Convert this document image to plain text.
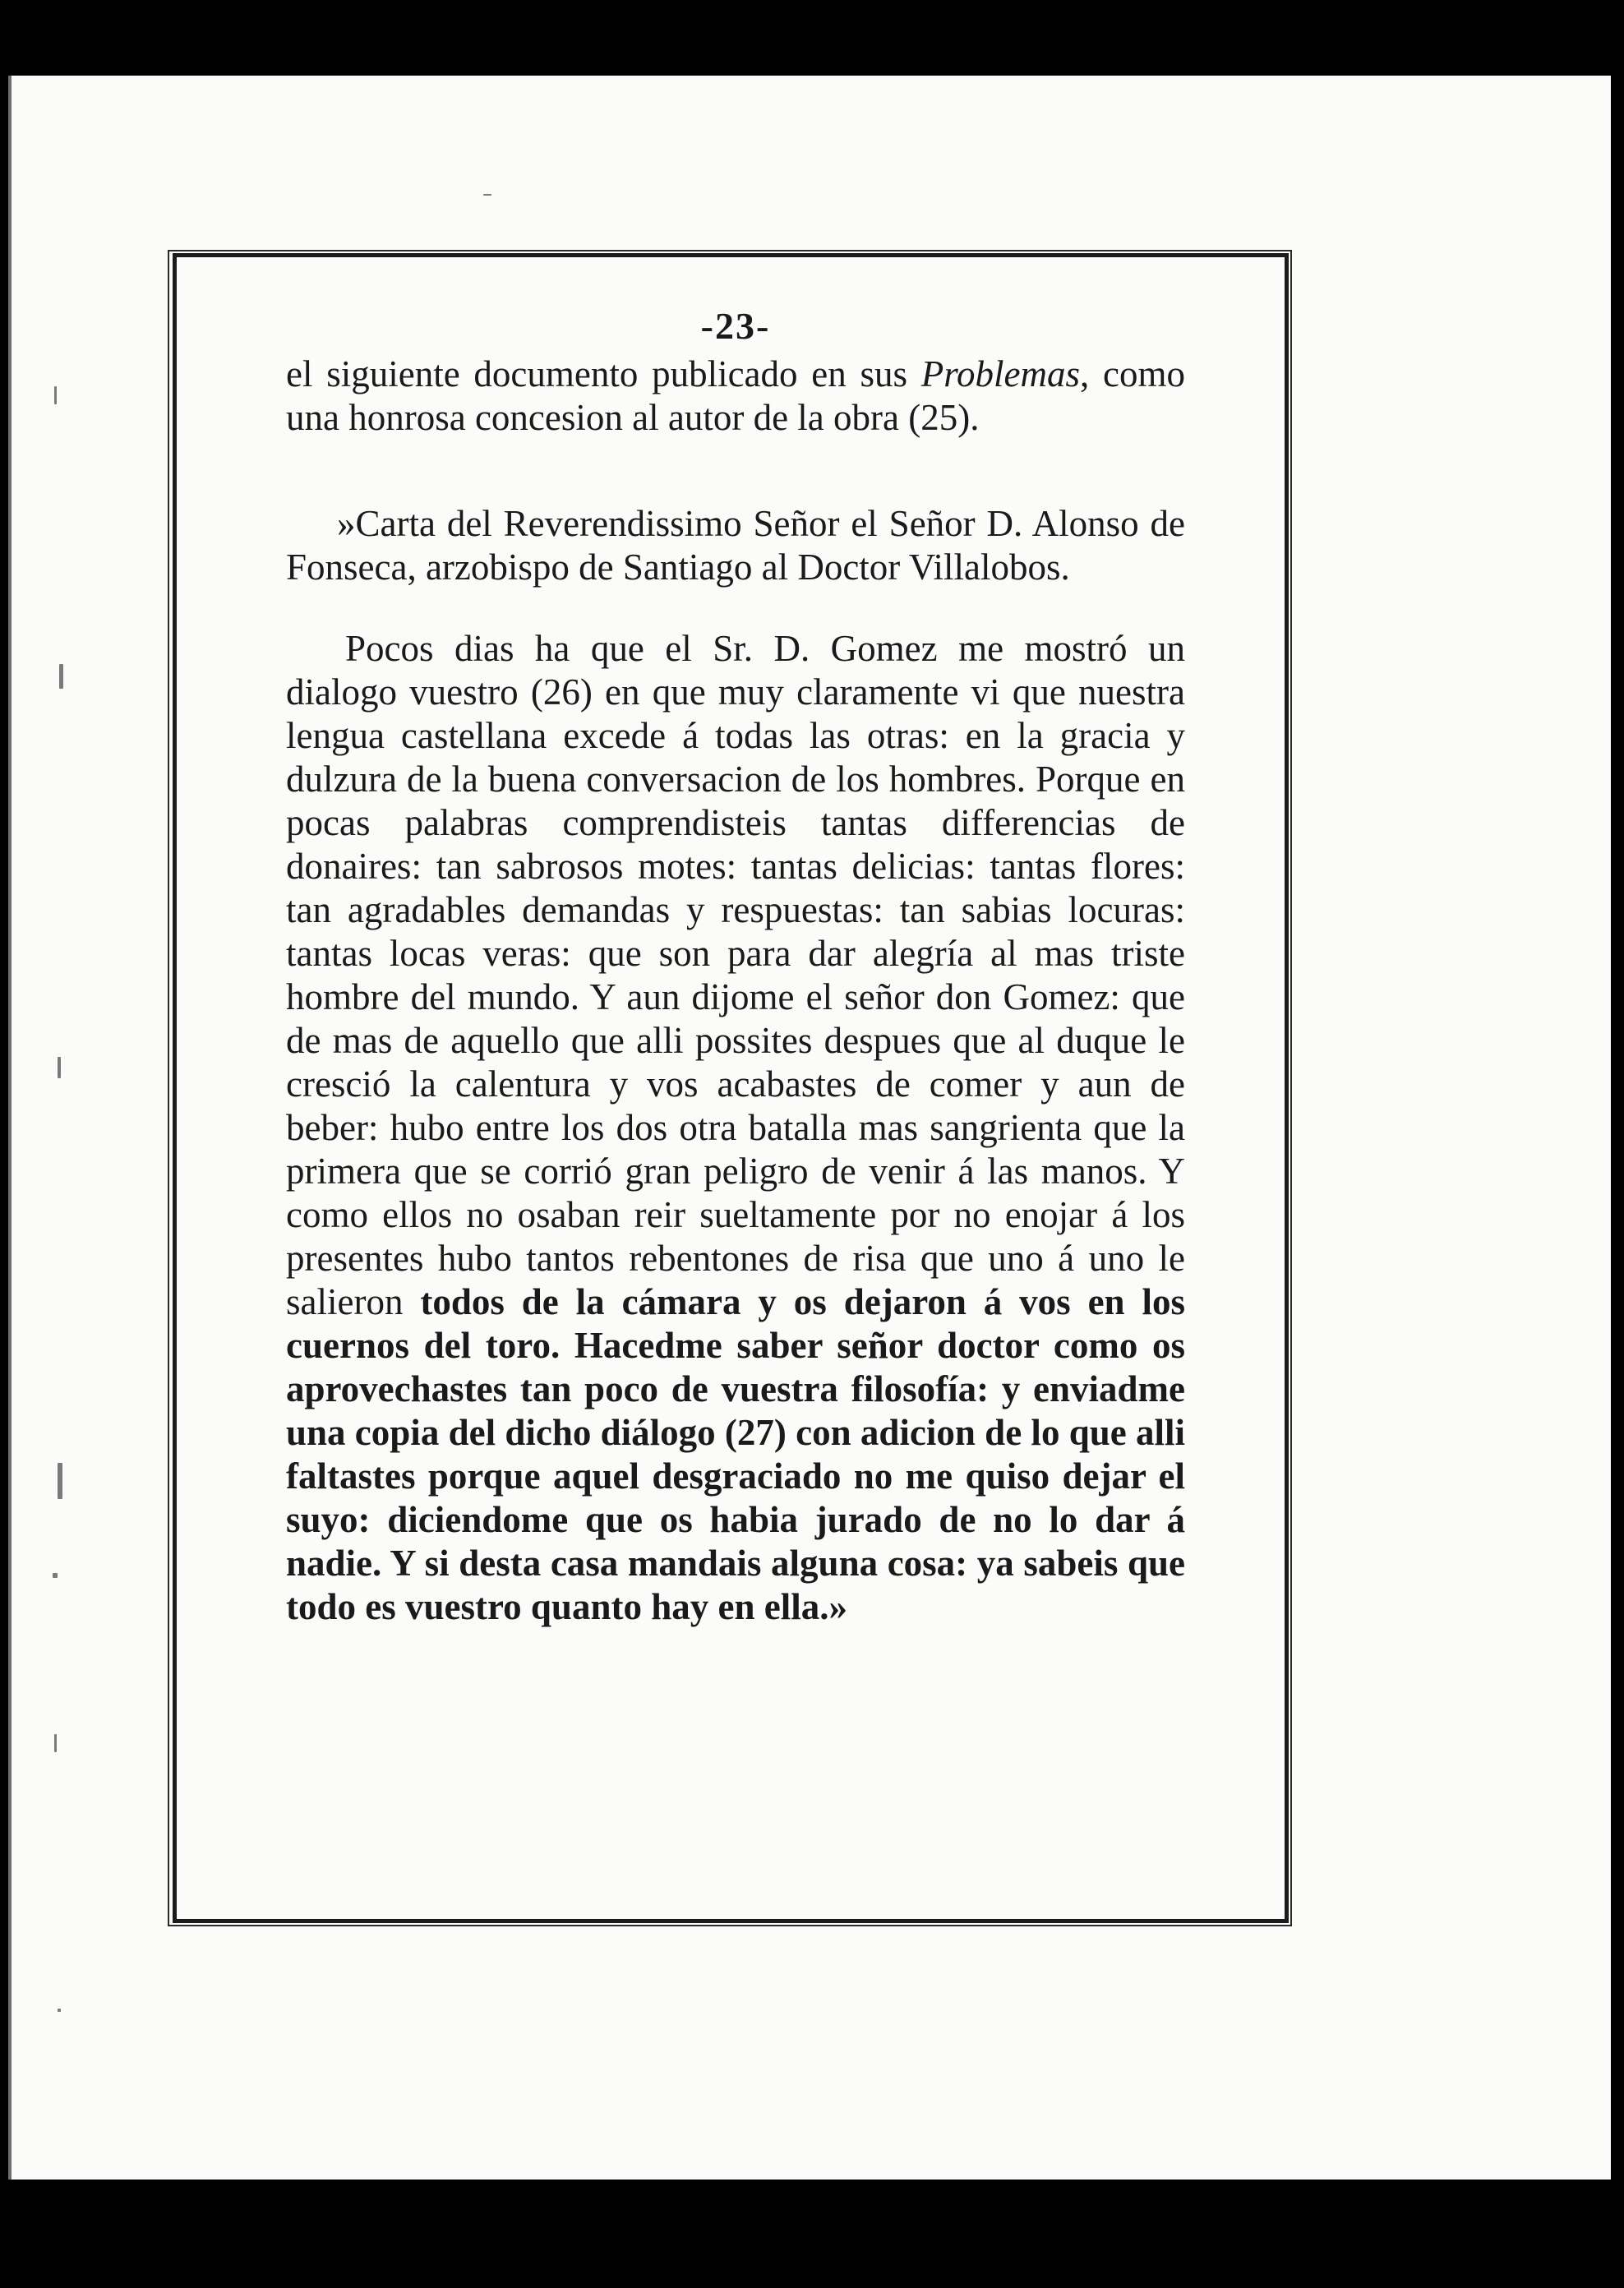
-23-

el siguiente documento publicado en sus Problemas, como una honrosa concesion al autor de la obra (25).

»Carta del Reverendissimo Señor el Señor D. Alonso de Fonseca, arzobispo de Santiago al Doctor Villalobos.

Pocos dias ha que el Sr. D. Gomez me mostró un dialogo vuestro (26) en que muy claramente vi que nuestra lengua castellana excede á todas las otras: en la gracia y dulzura de la buena conversacion de los hombres. Porque en pocas palabras comprendisteis tantas differencias de donaires: tan sabrosos motes: tantas delicias: tantas flores: tan agradables demandas y respuestas: tan sabias locuras: tantas locas veras: que son para dar alegría al mas triste hombre del mundo. Y aun dijome el señor don Gomez: que de mas de aquello que alli possites despues que al duque le cresció la calentura y vos acabastes de comer y aun de beber: hubo entre los dos otra batalla mas sangrienta que la primera que se corrió gran peligro de venir á las manos. Y como ellos no osaban reir sueltamente por no enojar á los presentes hubo tantos rebentones de risa que uno á uno le salieron todos de la cámara y os dejaron á vos en los cuernos del toro. Hacedme saber señor doctor como os aprovechastes tan poco de vuestra filosofía: y enviadme una copia del dicho diálogo (27) con adicion de lo que alli faltastes porque aquel desgraciado no me quiso dejar el suyo: diciendome que os habia jurado de no lo dar á nadie. Y si desta casa mandais alguna cosa: ya sabeis que todo es vuestro quanto hay en ella.»
